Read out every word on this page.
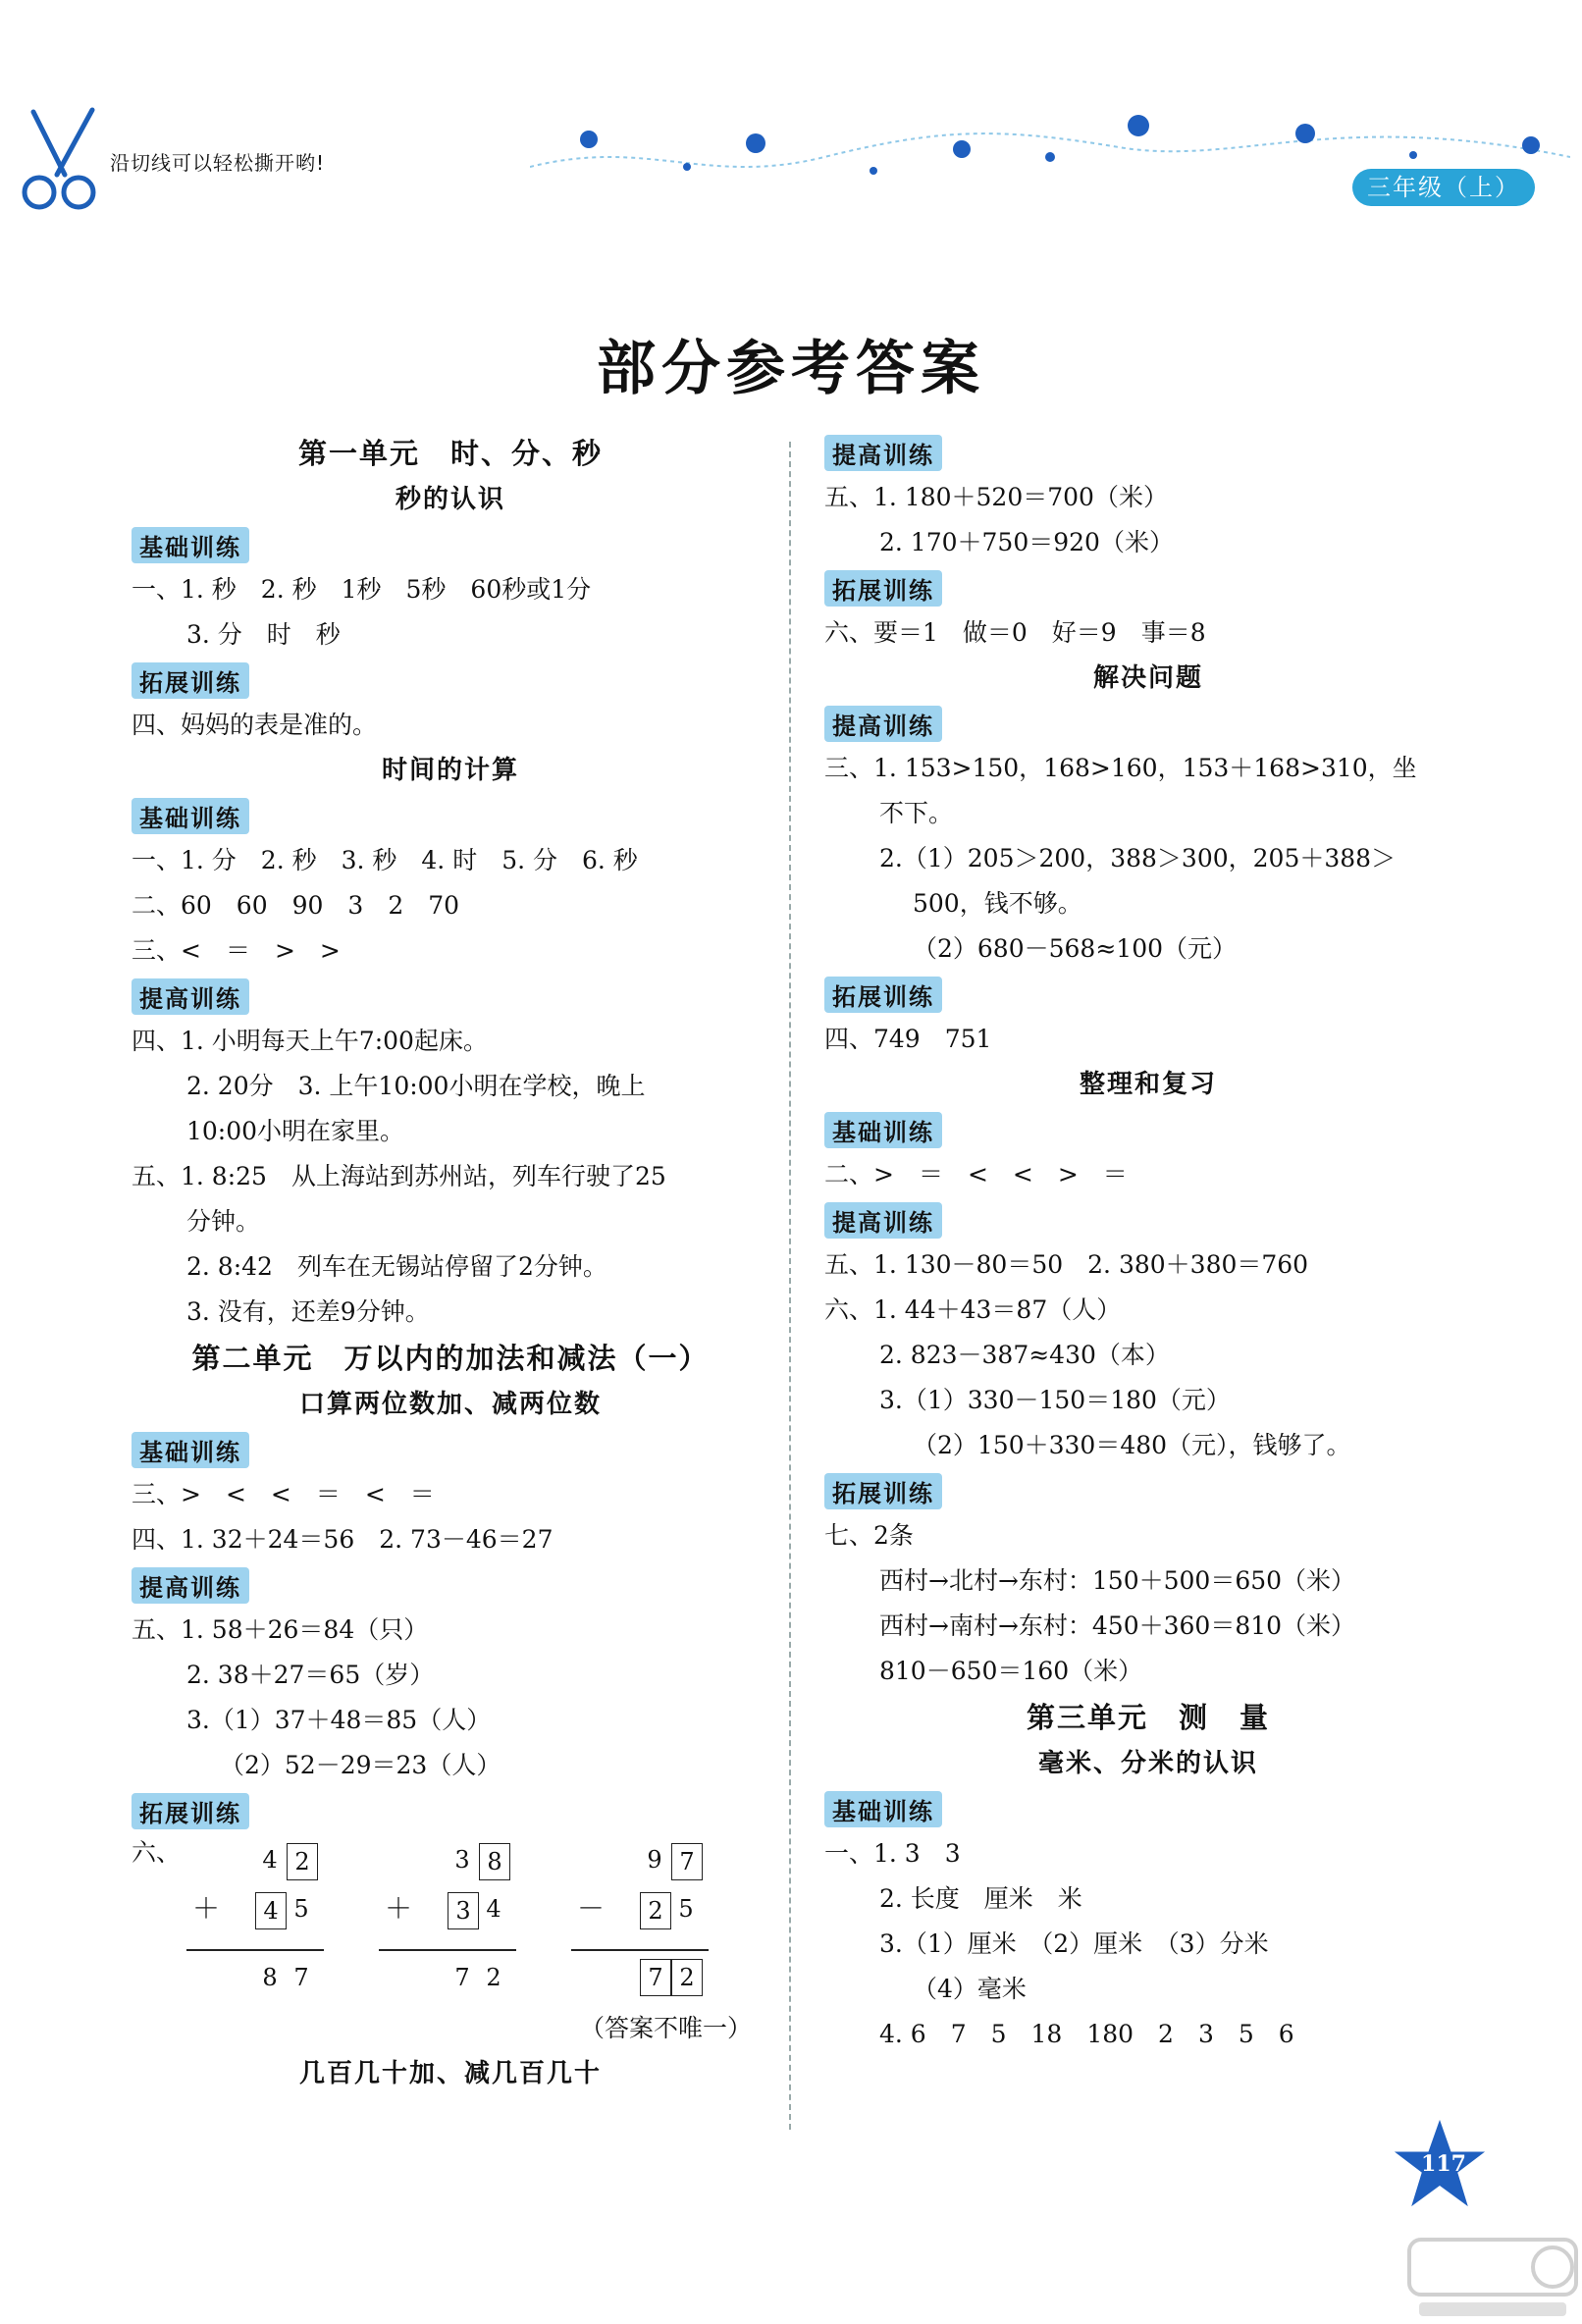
沿切线可以轻松撕开哟!
三年级（上）
部分参考答案
第一单元　时、分、秒
秒的认识
基础训练
一、1. 秒　2. 秒　1秒　5秒　60秒或1分
3. 分　时　秒
拓展训练
四、妈妈的表是准的。
时间的计算
基础训练
一、1. 分　2. 秒　3. 秒　4. 时　5. 分　6. 秒
二、60　60　90　3　2　70
三、<　＝　>　>
提高训练
四、1. 小明每天上午7:00起床。
2. 20分　3. 上午10:00小明在学校，晚上
10:00小明在家里。
五、1. 8:25　从上海站到苏州站，列车行驶了25
分钟。
2. 8:42　列车在无锡站停留了2分钟。
3. 没有，还差9分钟。
第二单元　万以内的加法和减法（一）
口算两位数加、减两位数
基础训练
三、>　<　<　＝　<　＝
四、1. 32＋24＝56　2. 73－46＝27
提高训练
五、1. 58＋26＝84（只）
2. 38＋27＝65（岁）
3.（1）37＋48＝85（人）
（2）52－29＝23（人）
拓展训练
六、	4 2
＋	4 5
8 7
3 8
＋	3 4
7 2
9 7
－	2 5
7 2
（答案不唯一）
几百几十加、减几百几十
提高训练
五、1. 180＋520＝700（米）
2. 170＋750＝920（米）
拓展训练
六、要＝1　做＝0　好＝9　事＝8
解决问题
提高训练
三、1. 153>150，168>160，153＋168>310，坐
不下。
2.（1）205＞200，388＞300，205＋388＞
500，钱不够。
（2）680－568≈100（元）
拓展训练
四、749　751
整理和复习
基础训练
二、>　＝　<　<　>　＝
提高训练
五、1. 130－80＝50　2. 380＋380＝760
六、1. 44＋43＝87（人）
2. 823－387≈430（本）
3.（1）330－150＝180（元）
（2）150＋330＝480（元），钱够了。
拓展训练
七、2条
西村→北村→东村：150＋500＝650（米）
西村→南村→东村：450＋360＝810（米）
810－650＝160（米）
第三单元　测　量
毫米、分米的认识
基础训练
一、1. 3　3
2. 长度　厘米　米
3.（1）厘米　（2）厘米　（3）分米
（4）毫米
4. 6　7　5　18　180　2　3　5　6
117
